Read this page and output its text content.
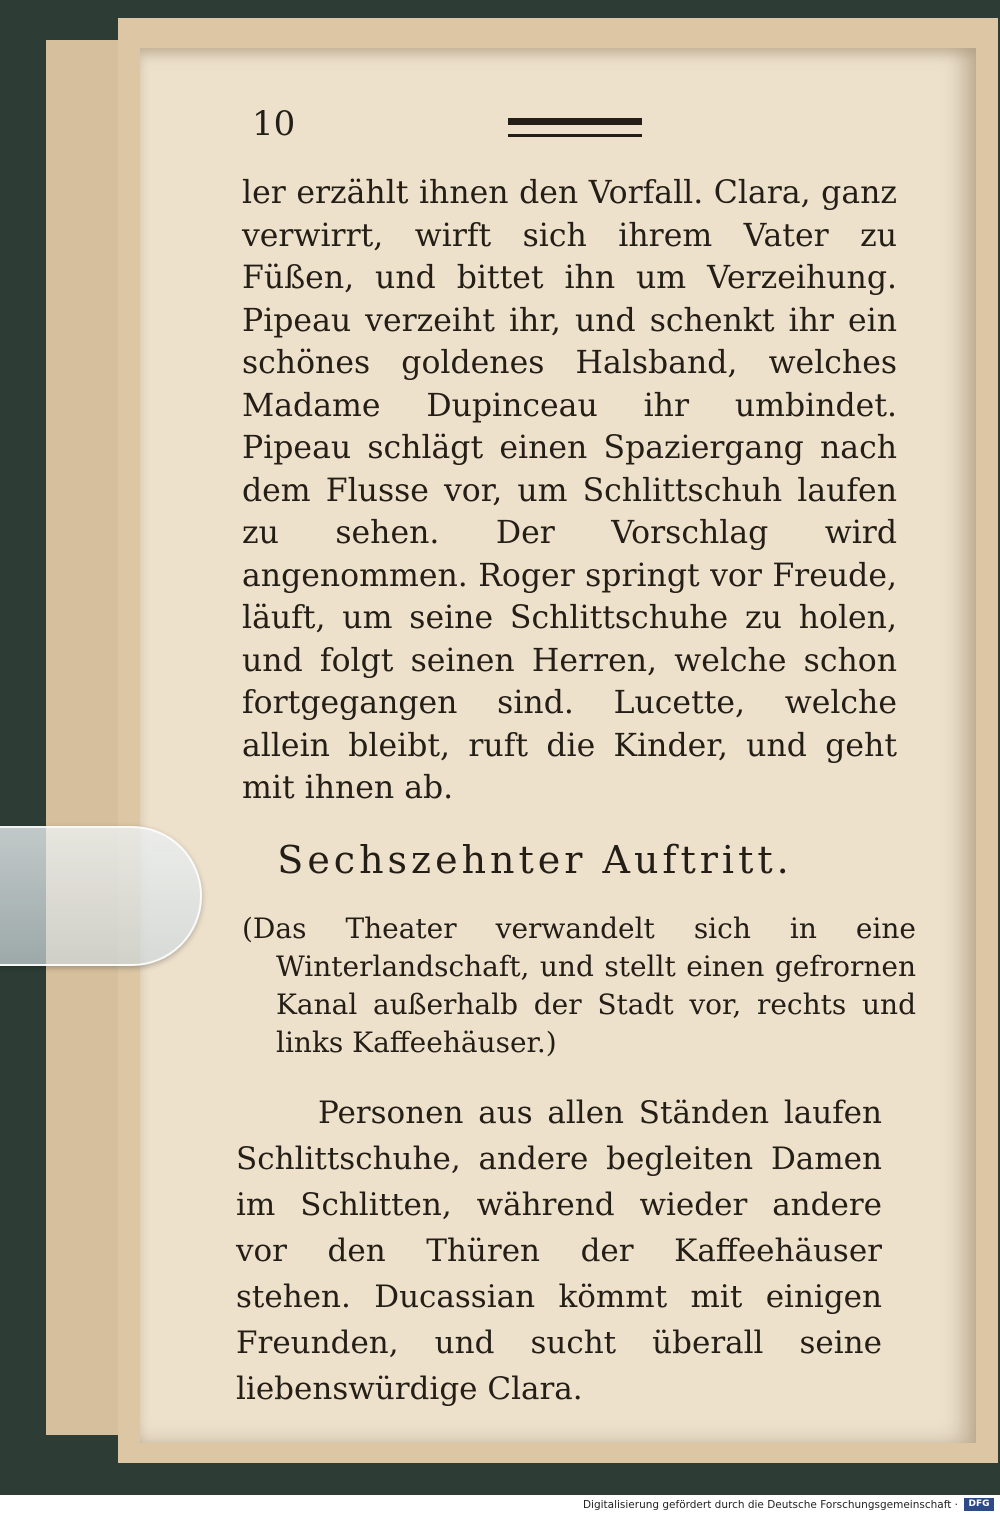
10

ler erzählt ihnen den Vorfall. Clara, ganz verwirrt, wirft sich ihrem Vater zu Füßen, und bittet ihn um Verzeihung. Pipeau verzeiht ihr, und schenkt ihr ein schönes goldenes Halsband, welches Madame Dupinceau ihr umbindet. Pipeau schlägt einen Spaziergang nach dem Flusse vor, um Schlittschuh laufen zu sehen. Der Vorschlag wird angenommen. Roger springt vor Freude, läuft, um seine Schlittschuhe zu holen, und folgt seinen Herren, welche schon fortgegangen sind. Lucette, welche allein bleibt, ruft die Kinder, und geht mit ihnen ab.

Sechszehnter Auftritt.

(Das Theater verwandelt sich in eine Winterlandschaft, und stellt einen gefrornen Kanal außerhalb der Stadt vor, rechts und links Kaffeehäuser.)

Personen aus allen Ständen laufen Schlittschuhe, andere begleiten Damen im Schlitten, während wieder andere vor den Thüren der Kaffeehäuser stehen. Ducassian kömmt mit einigen Freunden, und sucht überall seine liebenswürdige Clara.

Digitalisierung gefördert durch die Deutsche Forschungsgemeinschaft ·	DFG
